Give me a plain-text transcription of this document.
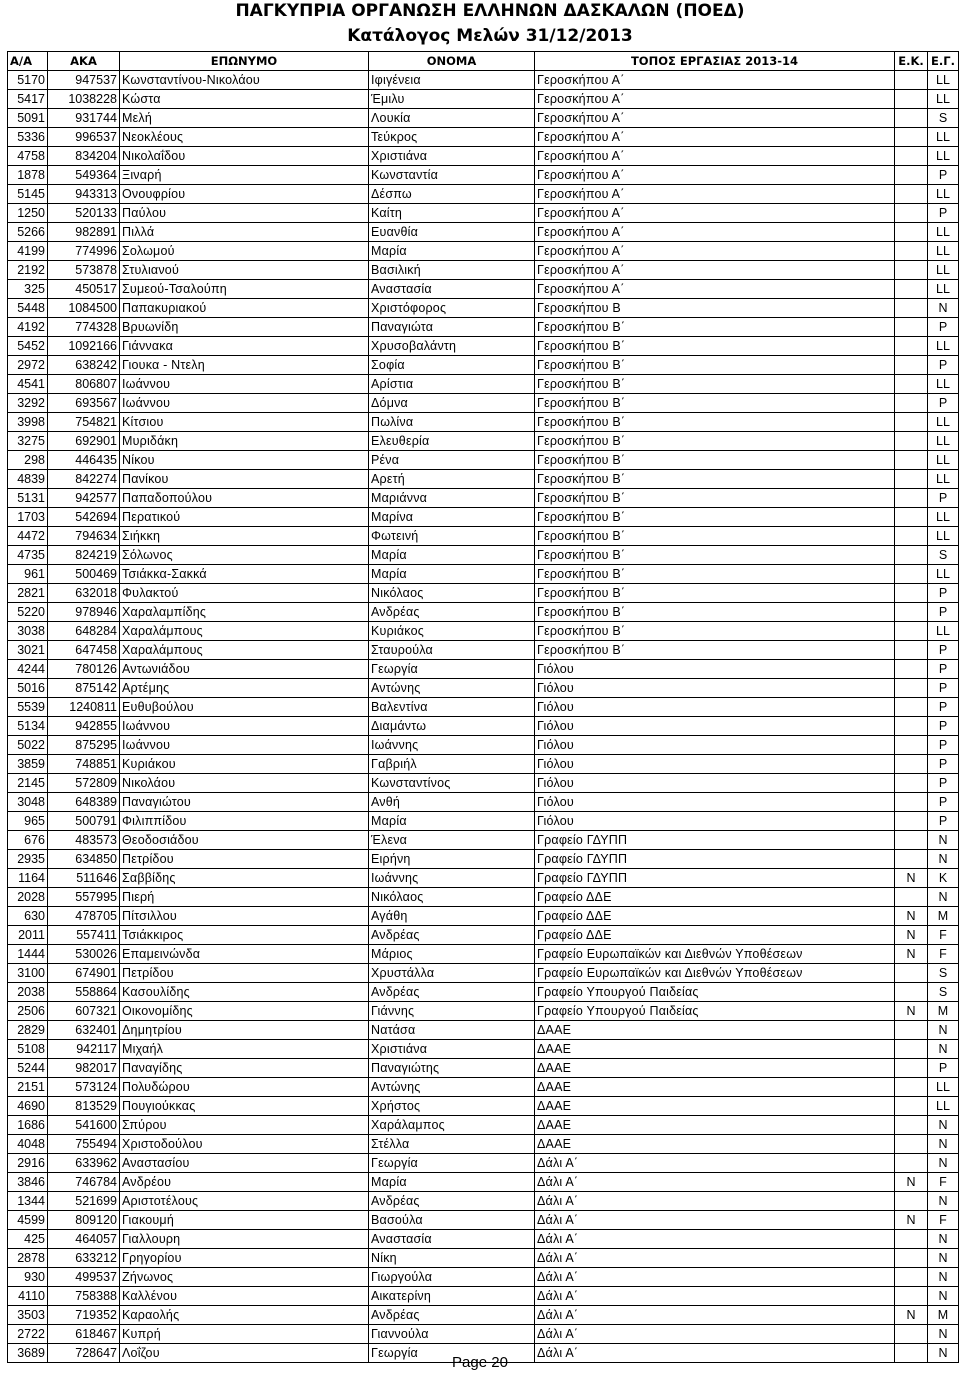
ΠΑΓΚΥΠΡΙΑ ΟΡΓΑΝΩΣΗ ΕΛΛΗΝΩΝ ΔΑΣΚΑΛΩΝ (ΠΟΕΔ)
Κατάλογος Μελών 31/12/2013
Α/Α	ΑΚΑ	ΕΠΩΝΥΜΟ	ΟΝΟΜΑ	ΤΟΠΟΣ ΕΡΓΑΣΙΑΣ 2013-14	Ε.Κ.	Ε.Γ.
5170	947537	Κωνσταντίνου-Νικολάου	Ιφιγένεια	Γεροσκήπου Α΄		LL
5417	1038228	Κώστα	Έμιλυ	Γεροσκήπου Α΄		LL
5091	931744	Μελή	Λουκία	Γεροσκήπου Α΄		S
5336	996537	Νεοκλέους	Τεύκρος	Γεροσκήπου Α΄		LL
4758	834204	Νικολαΐδου	Χριστιάνα	Γεροσκήπου Α΄		LL
1878	549364	Ξιναρή	Κωνσταντία	Γεροσκήπου Α΄		P
5145	943313	Ονουφρίου	Δέσπω	Γεροσκήπου Α΄		LL
1250	520133	Παύλου	Καίτη	Γεροσκήπου Α΄		P
5266	982891	Πιλλά	Ευανθία	Γεροσκήπου Α΄		LL
4199	774996	Σολωμού	Μαρία	Γεροσκήπου Α΄		LL
2192	573878	Στυλιανού	Βασιλική	Γεροσκήπου Α΄		LL
325	450517	Συμεού-Τσαλούπη	Αναστασία	Γεροσκήπου Α΄		LL
5448	1084500	Παπακυριακού	Χριστόφορος	Γεροσκήπου Β		N
4192	774328	Βρυωνίδη	Παναγιώτα	Γεροσκήπου Β΄		P
5452	1092166	Γιάννακα	Χρυσοβαλάντη	Γεροσκήπου Β΄		LL
2972	638242	Γιουκα - Ντελη	Σοφία	Γεροσκήπου Β΄		P
4541	806807	Ιωάννου	Αρίστια	Γεροσκήπου Β΄		LL
3292	693567	Ιωάννου	Δόμνα	Γεροσκήπου Β΄		P
3998	754821	Κίτσιου	Πωλίνα	Γεροσκήπου Β΄		LL
3275	692901	Μυριδάκη	Ελευθερία	Γεροσκήπου Β΄		LL
298	446435	Νίκου	Ρένα	Γεροσκήπου Β΄		LL
4839	842274	Πανίκου	Αρετή	Γεροσκήπου Β΄		LL
5131	942577	Παπαδοπούλου	Μαριάννα	Γεροσκήπου Β΄		P
1703	542694	Περατικού	Μαρίνα	Γεροσκήπου Β΄		LL
4472	794634	Σιήκκη	Φωτεινή	Γεροσκήπου Β΄		LL
4735	824219	Σόλωνος	Μαρία	Γεροσκήπου Β΄		S
961	500469	Τσιάκκα-Σακκά	Μαρία	Γεροσκήπου Β΄		LL
2821	632018	Φυλακτού	Νικόλαος	Γεροσκήπου Β΄		P
5220	978946	Χαραλαμπίδης	Ανδρέας	Γεροσκήπου Β΄		P
3038	648284	Χαραλάμπους	Κυριάκος	Γεροσκήπου Β΄		LL
3021	647458	Χαραλάμπους	Σταυρούλα	Γεροσκήπου Β΄		P
4244	780126	Αντωνιάδου	Γεωργία	Γιόλου		P
5016	875142	Αρτέμης	Αντώνης	Γιόλου		P
5539	1240811	Ευθυβούλου	Βαλεντίνα	Γιόλου		P
5134	942855	Ιωάννου	Διαμάντω	Γιόλου		P
5022	875295	Ιωάννου	Ιωάννης	Γιόλου		P
3859	748851	Κυριάκου	Γαβριήλ	Γιόλου		P
2145	572809	Νικολάου	Κωνσταντίνος	Γιόλου		P
3048	648389	Παναγιώτου	Ανθή	Γιόλου		P
965	500791	Φιλιππίδου	Μαρία	Γιόλου		P
676	483573	Θεοδοσιάδου	Έλενα	Γραφείο ΓΔΥΠΠ		N
2935	634850	Πετρίδου	Ειρήνη	Γραφείο ΓΔΥΠΠ		N
1164	511646	Σαββίδης	Ιωάννης	Γραφείο ΓΔΥΠΠ	N	K
2028	557995	Πιερή	Νικόλαος	Γραφείο ΔΔΕ		N
630	478705	Πίτσιλλου	Αγάθη	Γραφείο ΔΔΕ	N	M
2011	557411	Τσιάκκιρος	Ανδρέας	Γραφείο ΔΔΕ	N	F
1444	530026	Επαμεινώνδα	Μάριος	Γραφείο Ευρωπαϊκών και Διεθνών Υποθέσεων	N	F
3100	674901	Πετρίδου	Χρυστάλλα	Γραφείο Ευρωπαϊκών και Διεθνών Υποθέσεων		S
2038	558864	Κασουλίδης	Ανδρέας	Γραφείο Υπουργού Παιδείας		S
2506	607321	Οικονομίδης	Γιάννης	Γραφείο Υπουργού Παιδείας	N	M
2829	632401	Δημητρίου	Νατάσα	ΔΑΑΕ		N
5108	942117	Μιχαήλ	Χριστιάνα	ΔΑΑΕ		N
5244	982017	Παναγίδης	Παναγιώτης	ΔΑΑΕ		P
2151	573124	Πολυδώρου	Αντώνης	ΔΑΑΕ		LL
4690	813529	Πουγιούκκας	Χρήστος	ΔΑΑΕ		LL
1686	541600	Σπύρου	Χαράλαμπος	ΔΑΑΕ		N
4048	755494	Χριστοδούλου	Στέλλα	ΔΑΑΕ		N
2916	633962	Αναστασίου	Γεωργία	Δάλι Α΄		N
3846	746784	Ανδρέου	Μαρία	Δάλι Α΄	N	F
1344	521699	Αριστοτέλους	Ανδρέας	Δάλι Α΄		N
4599	809120	Γιακουμή	Βασούλα	Δάλι Α΄	N	F
425	464057	Γιαλλουρη	Αναστασία	Δάλι Α΄		N
2878	633212	Γρηγορίου	Νίκη	Δάλι Α΄		N
930	499537	Ζήνωνος	Γιωργούλα	Δάλι Α΄		N
4110	758388	Καλλένου	Αικατερίνη	Δάλι Α΄		N
3503	719352	Καραολής	Ανδρέας	Δάλι Α΄	N	M
2722	618467	Κυπρή	Γιαννούλα	Δάλι Α΄		N
3689	728647	Λοΐζου	Γεωργία	Δάλι Α΄		N
Page 20
